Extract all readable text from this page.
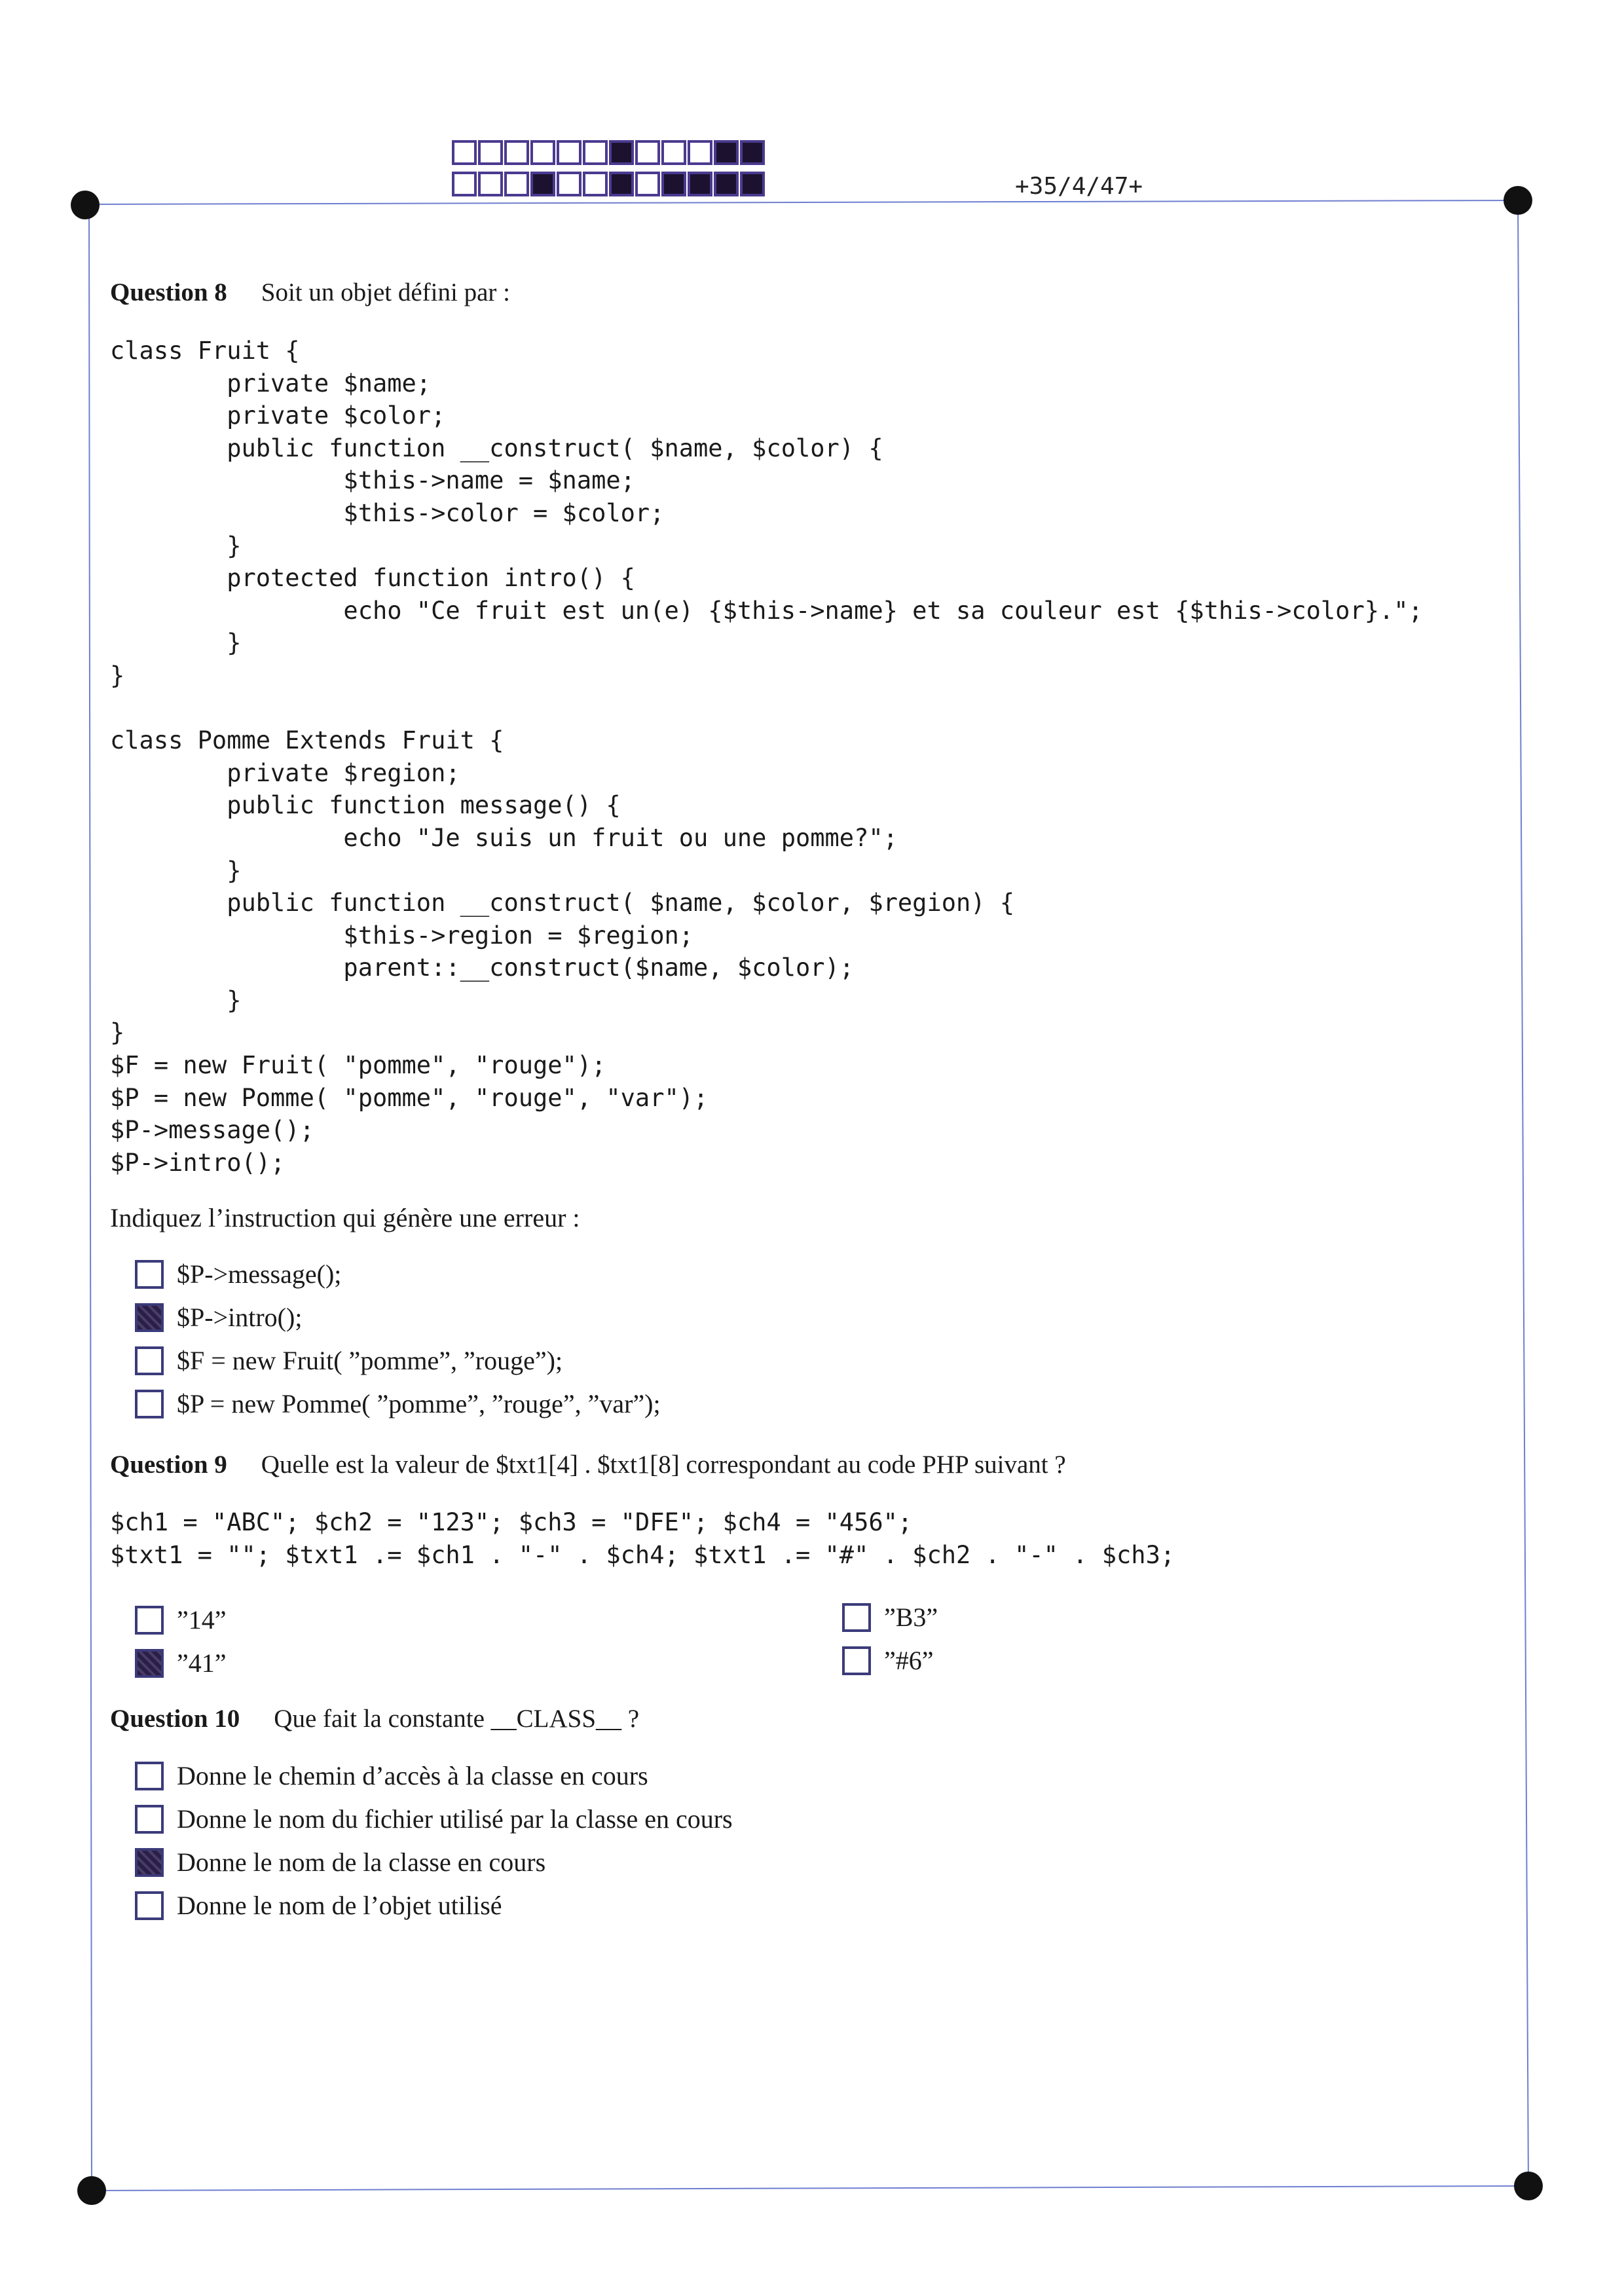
+35/4/47+
Question 8 Soit un objet défini par :
class Fruit {
private $name;
private $color;
public function __construct( $name, $color) {
$this->name = $name;
$this->color = $color;
}
protected function intro() {
echo "Ce fruit est un(e) {$this->name} et sa couleur est {$this->color}.";
}
}

class Pomme Extends Fruit {
private $region;
public function message() {
echo "Je suis un fruit ou une pomme?";
}
public function __construct( $name, $color, $region) {
$this->region = $region;
parent::__construct($name, $color);
}
}
$F = new Fruit( "pomme", "rouge");
$P = new Pomme( "pomme", "rouge", "var");
$P->message();
$P->intro();
Indiquez l’instruction qui génère une erreur :
$P->message();
$P->intro();
$F = new Fruit( ”pomme”, ”rouge”);
$P = new Pomme( ”pomme”, ”rouge”, ”var”);
Question 9 Quelle est la valeur de $txt1[4] . $txt1[8] correspondant au code PHP suivant ?
$ch1 = "ABC"; $ch2 = "123"; $ch3 = "DFE"; $ch4 = "456";
$txt1 = ""; $txt1 .= $ch1 . "-" . $ch4; $txt1 .= "#" . $ch2 . "-" . $ch3;
”14”
”41”
”B3”
”#6”
Question 10 Que fait la constante __CLASS__ ?
Donne le chemin d’accès à la classe en cours
Donne le nom du fichier utilisé par la classe en cours
Donne le nom de la classe en cours
Donne le nom de l’objet utilisé
